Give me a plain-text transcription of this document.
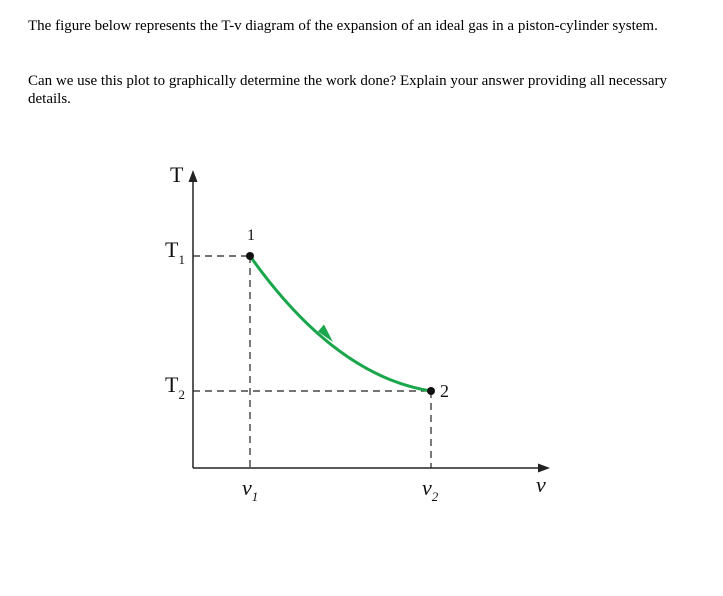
The figure below represents the T-v diagram of the expansion of an ideal gas in a piston-cylinder system.

Can we use this plot to graphically determine the work done? Explain your answer providing all necessary details.

T
$T_1$
$T_2$
1
2
$v_1$	$v_2$	v
